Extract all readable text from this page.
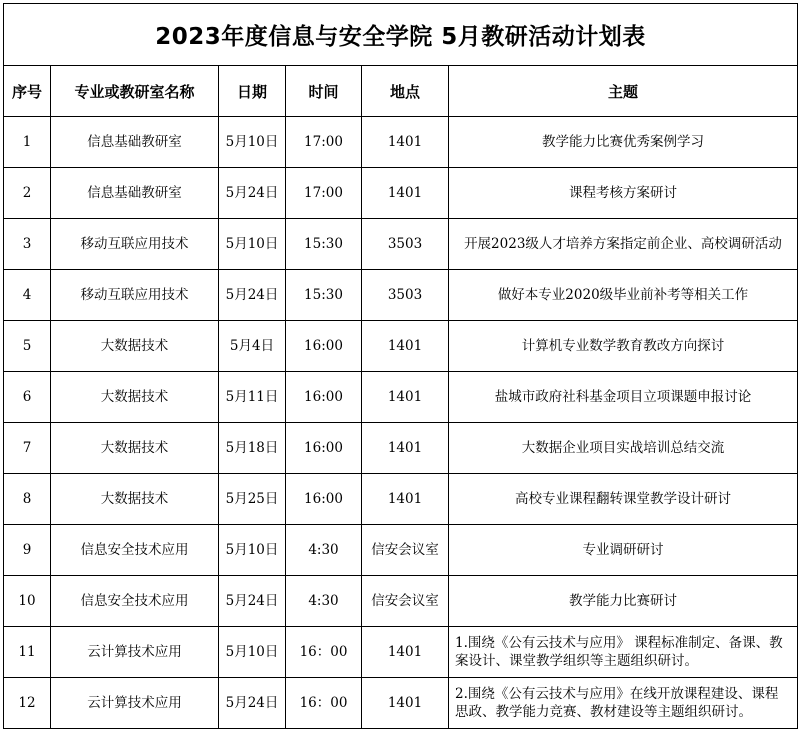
2023年度信息与安全学院 5月教研活动计划表					
序号	专业或教研室名称	日期	时间	地点	主题
1	信息基础教研室	5月10日	17:00	1401	教学能力比赛优秀案例学习
2	信息基础教研室	5月24日	17:00	1401	课程考核方案研讨
3	移动互联应用技术	5月10日	15:30	3503	开展2023级人才培养方案指定前企业、高校调研活动
4	移动互联应用技术	5月24日	15:30	3503	做好本专业2020级毕业前补考等相关工作
5	大数据技术	5月4日	16:00	1401	计算机专业数学教育教改方向探讨
6	大数据技术	5月11日	16:00	1401	盐城市政府社科基金项目立项课题申报讨论
7	大数据技术	5月18日	16:00	1401	大数据企业项目实战培训总结交流
8	大数据技术	5月25日	16:00	1401	高校专业课程翻转课堂教学设计研讨
9	信息安全技术应用	5月10日	4:30	信安会议室	专业调研研讨
10	信息安全技术应用	5月24日	4:30	信安会议室	教学能力比赛研讨
11	云计算技术应用	5月10日	16：00	1401	1.围绕《公有云技术与应用》 课程标准制定、备课、教案设计、课堂教学组织等主题组织研讨。
12	云计算技术应用	5月24日	16：00	1401	2.围绕《公有云技术与应用》在线开放课程建设、课程思政、教学能力竞赛、教材建设等主题组织研讨。
